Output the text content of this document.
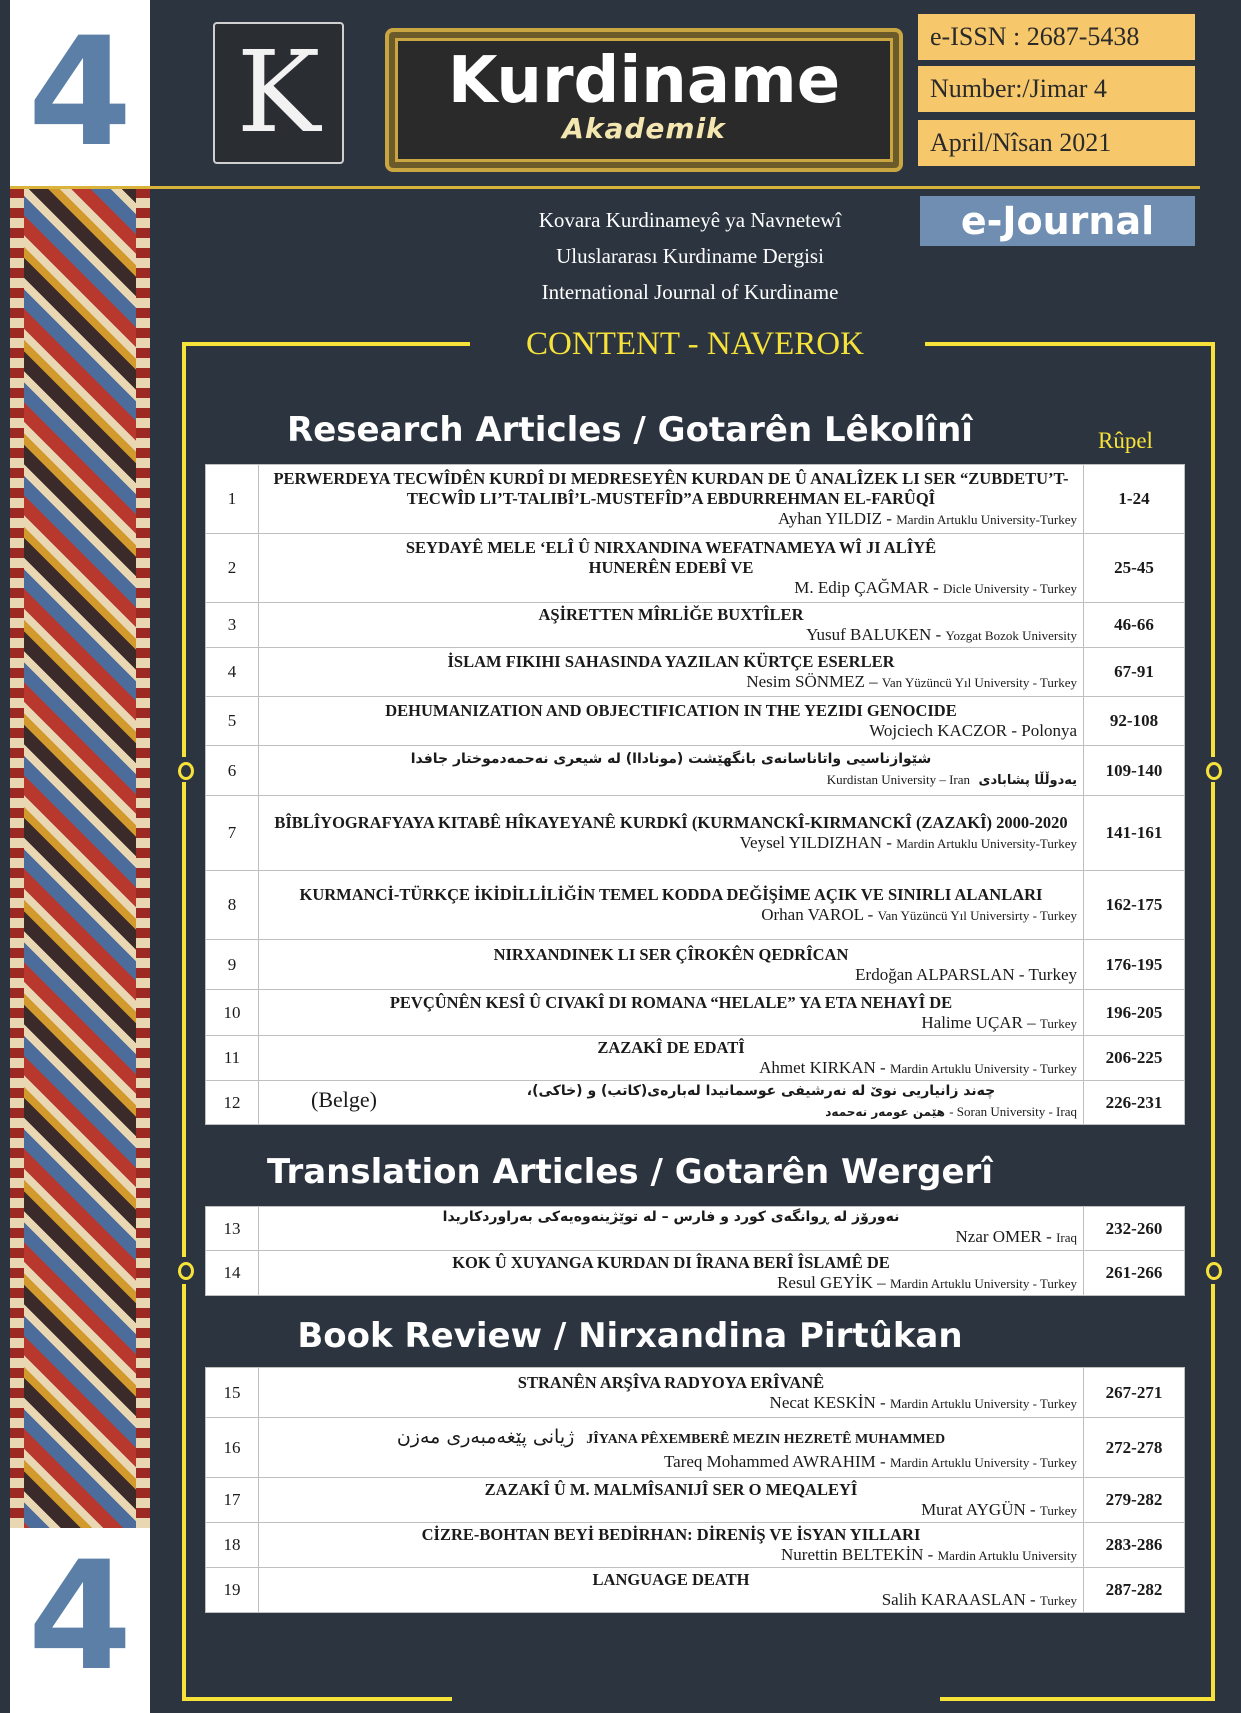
4
4
K	Kurdiname
Akademik
e-ISSN : 2687-5438
Number:/Jimar 4
April/Nîsan 2021
e-Journal
Kovara Kurdinameyê ya Navnetewî
Uluslararası Kurdiname Dergisi
International Journal of Kurdiname
CONTENT - NAVEROK
Research Articles / Gotarên Lêkolînî	Rûpel
1	PERWERDEYA TECWÎDÊN KURDÎ DI MEDRESEYÊN KURDAN DE Û ANALÎZEK LI SER “ZUBDETU’T-TECWÎD LI’T-TALIBÎ’L-MUSTEFÎD”A EBDURREHMAN EL-FARÛQÎ
Ayhan YILDIZ - Mardin Artuklu University-Turkey	1-24
2	SEYDAYÊ MELE ‘ELÎ Û NIRXANDINA WEFATNAMEYA WÎ JI ALÎYÊ HUNERÊN EDEBÎ VE
M. Edip ÇAĞMAR - Dicle University - Turkey	25-45
3	AŞİRETTEN MÎRLİĞE BUXTÎLER
Yusuf BALUKEN - Yozgat Bozok University	46-66
4	İSLAM FIKIHI SAHASINDA YAZILAN KÜRTÇE ESERLER
Nesim SÖNMEZ – Van Yüzüncü Yıl University - Turkey	67-91
5	DEHUMANIZATION AND OBJECTIFICATION IN THE YEZIDI GENOCIDE
Wojciech KACZOR - Polonya	92-108
6	شێوازناسیی واتاناسانەی بانگهێشت (موناداا) لە شیعری نەحمەدموختار جافدا
Kurdistan University – Iran یەدوڵڵا پشابادی	109-140
7	BÎBLÎYOGRAFYAYA KITABÊ HÎKAYEYANÊ KURDKÎ (KURMANCKÎ-KIRMANCKÎ (ZAZAKÎ) 2000-2020
Veysel YILDIZHAN - Mardin Artuklu University-Turkey	141-161
8	KURMANCİ-TÜRKÇE İKİDİLLİLİĞİN TEMEL KODDA DEĞİŞİME AÇIK VE SINIRLI ALANLARI
Orhan VAROL - Van Yüzüncü Yıl Universirty - Turkey	162-175
9	NIRXANDINEK LI SER ÇÎROKÊN QEDRÎCAN
Erdoğan ALPARSLAN - Turkey	176-195
10	PEVÇÛNÊN KESÎ Û CIVAKÎ DI ROMANA “HELALE” YA ETA NEHAYÎ DE
Halime UÇAR – Turkey	196-205
11	ZAZAKÎ DE EDATÎ
Ahmet KIRKAN - Mardin Artuklu University - Turkey	206-225
12	(Belge) چەند زانیاریی نوێ لە نەرشیفی عوسمانیدا لەبارەی(کاتب) و (خاکی)،
هێمن عومەر نەحمەد - Soran University - Iraq	226-231
Translation Articles / Gotarên Wergerî
13	نەورۆز لە ڕوانگەی کورد و فارس – لە توێژینەوەیەکی بەراوردکاریدا
Nzar OMER - Iraq	232-260
14	KOK Û XUYANGA KURDAN DI ÎRANA BERÎ ÎSLAMÊ DE
Resul GEYİK – Mardin Artuklu University - Turkey	261-266
Book Review / Nirxandina Pirtûkan
15	STRANÊN ARŞÎVA RADYOYA ERÎVANÊ
Necat KESKİN - Mardin Artuklu University - Turkey	267-271
16	ژیانی پێغەمبەری مەزن JÎYANA PÊXEMBERÊ MEZIN HEZRETÊ MUHAMMED
Tareq Mohammed AWRAHIM - Mardin Artuklu University - Turkey	272-278
17	ZAZAKÎ Û M. MALMÎSANIJÎ SER O MEQALEYÎ
Murat AYGÜN - Turkey	279-282
18	CİZRE-BOHTAN BEYİ BEDİRHAN: DİRENİŞ VE İSYAN YILLARI
Nurettin BELTEKİN - Mardin Artuklu University	283-286
19	LANGUAGE DEATH
Salih KARAASLAN - Turkey	287-282
